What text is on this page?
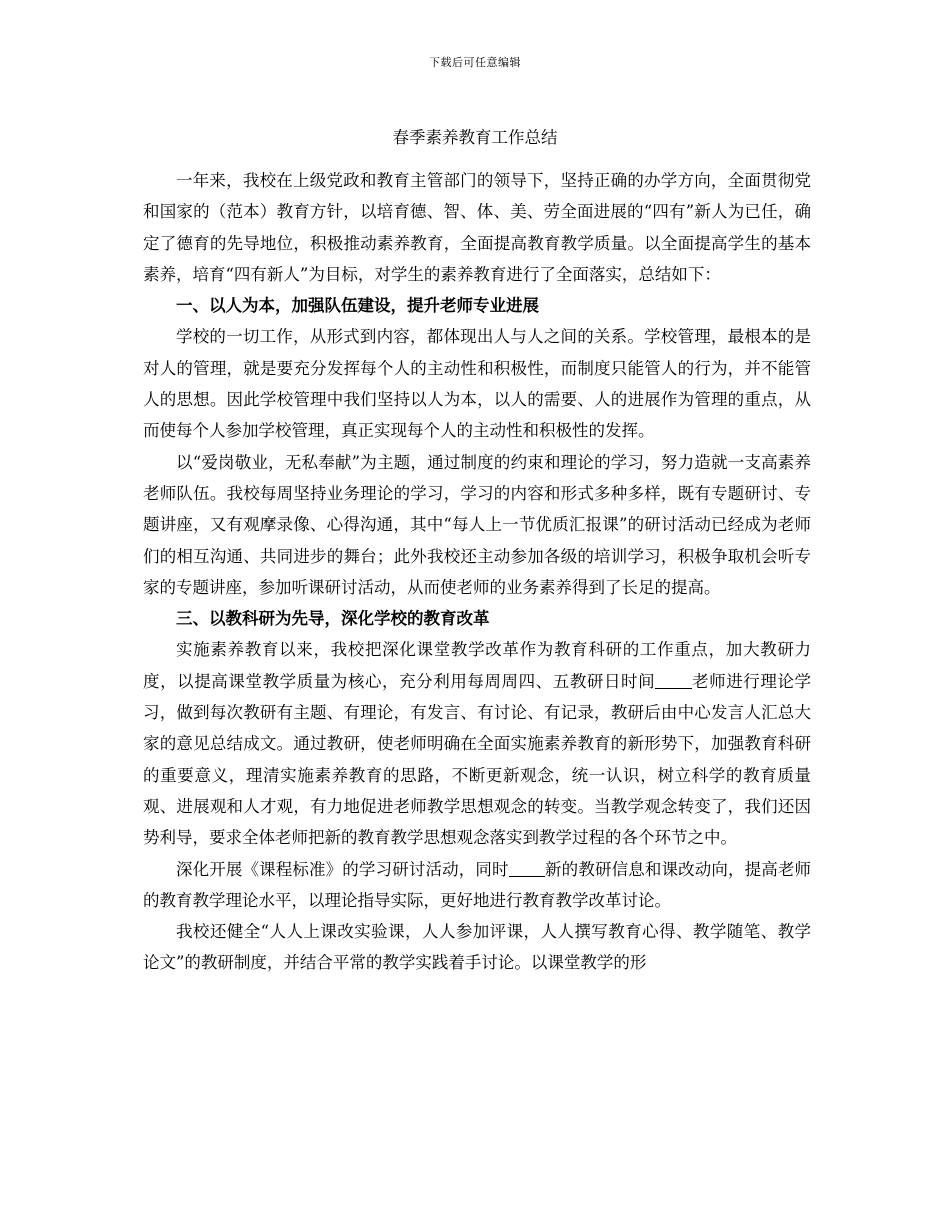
下载后可任意编辑
春季素养教育工作总结

一年来，我校在上级党政和教育主管部门的领导下，坚持正确的办学方向，全面贯彻党和国家的（范本）教育方针，以培育德、智、体、美、劳全面进展的“四有”新人为已任，确定了德育的先导地位，积极推动素养教育，全面提高教育教学质量。以全面提高学生的基本素养，培育“四有新人”为目标，对学生的素养教育进行了全面落实，总结如下：

一、以人为本，加强队伍建设，提升老师专业进展

学校的一切工作，从形式到内容，都体现出人与人之间的关系。学校管理，最根本的是对人的管理，就是要充分发挥每个人的主动性和积极性，而制度只能管人的行为，并不能管人的思想。因此学校管理中我们坚持以人为本，以人的需要、人的进展作为管理的重点，从而使每个人参加学校管理，真正实现每个人的主动性和积极性的发挥。

以“爱岗敬业，无私奉献”为主题，通过制度的约束和理论的学习，努力造就一支高素养老师队伍。我校每周坚持业务理论的学习，学习的内容和形式多种多样，既有专题研讨、专题讲座，又有观摩录像、心得沟通，其中“每人上一节优质汇报课”的研讨活动已经成为老师们的相互沟通、共同进步的舞台；此外我校还主动参加各级的培训学习，积极争取机会听专家的专题讲座，参加听课研讨活动，从而使老师的业务素养得到了长足的提高。

三、以教科研为先导，深化学校的教育改革

实施素养教育以来，我校把深化课堂教学改革作为教育科研的工作重点，加大教研力度，以提高课堂教学质量为核心，充分利用每周周四、五教研日时间 老师进行理论学习，做到每次教研有主题、有理论，有发言、有讨论、有记录，教研后由中心发言人汇总大家的意见总结成文。通过教研，使老师明确在全面实施素养教育的新形势下，加强教育科研的重要意义，理清实施素养教育的思路，不断更新观念，统一认识，树立科学的教育质量观、进展观和人才观，有力地促进老师教学思想观念的转变。当教学观念转变了，我们还因势利导，要求全体老师把新的教育教学思想观念落实到教学过程的各个环节之中。

深化开展《课程标准》的学习研讨活动，同时 新的教研信息和课改动向，提高老师的教育教学理论水平，以理论指导实际，更好地进行教育教学改革讨论。

我校还健全“人人上课改实验课，人人参加评课，人人撰写教育心得、教学随笔、教学论文”的教研制度，并结合平常的教学实践着手讨论。以课堂教学的形
